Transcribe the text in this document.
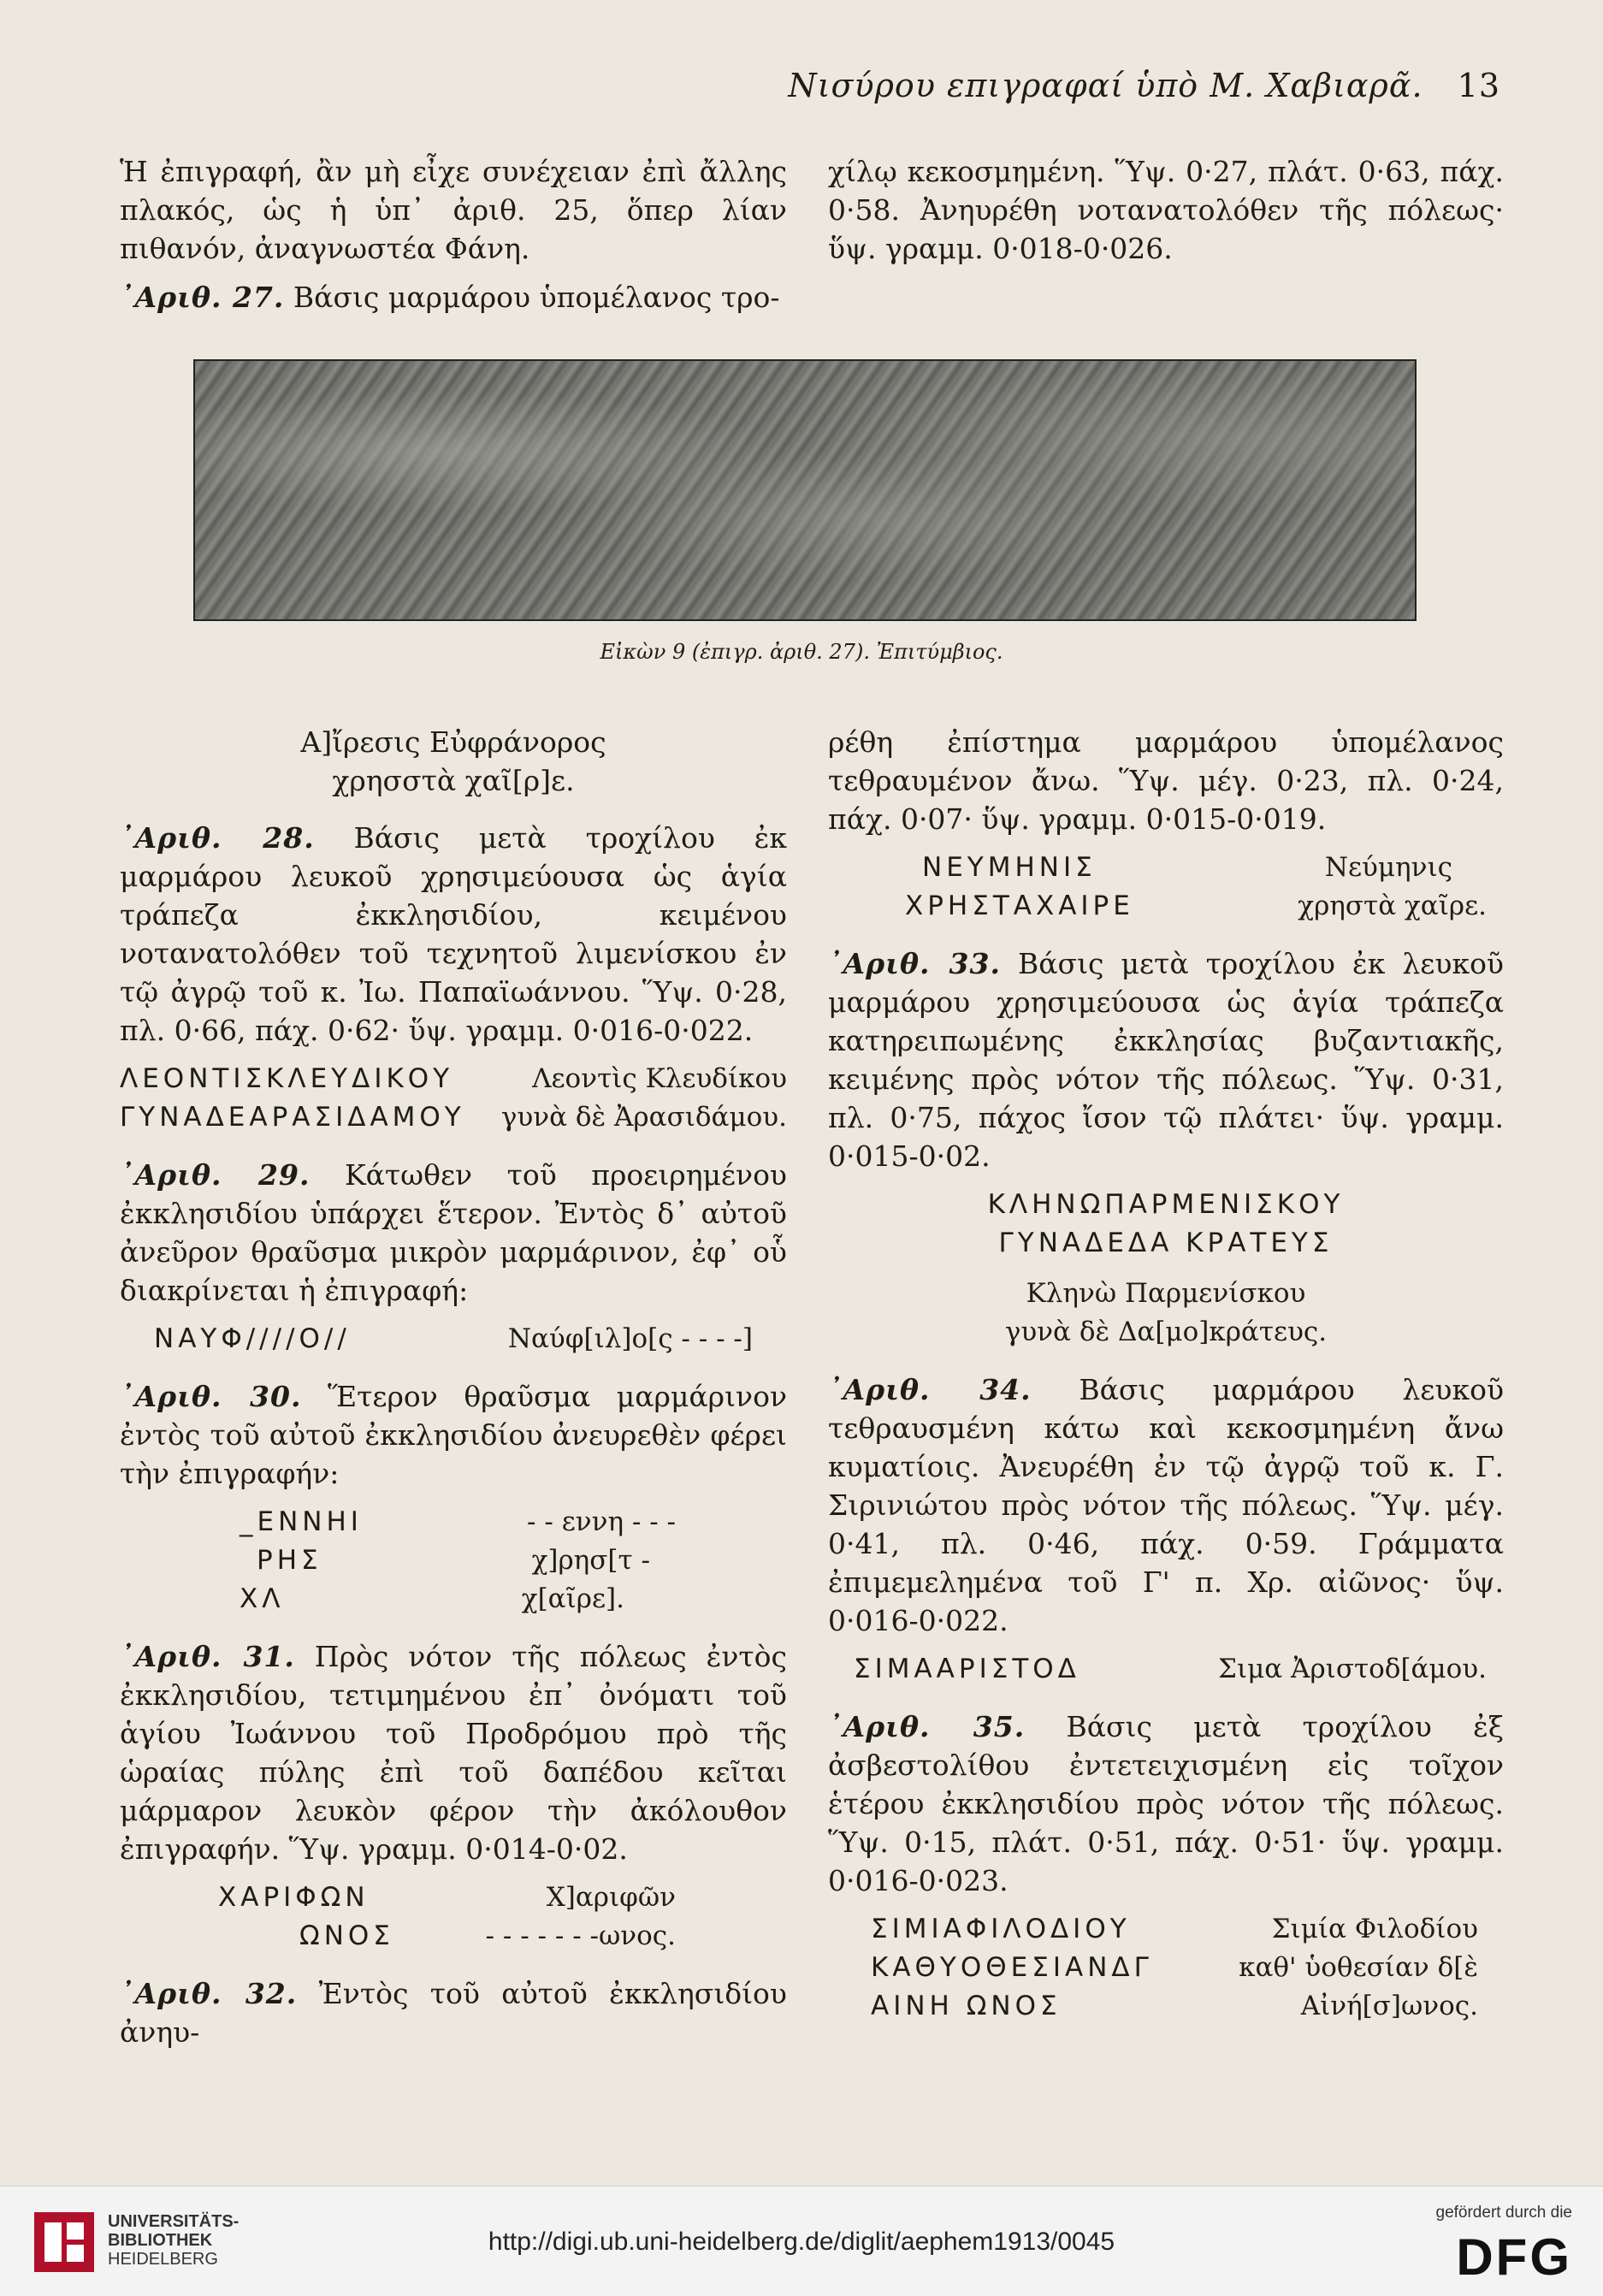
Νισύρου επιγραφαί ὑπὸ Μ. Χαβιαρᾶ. 13

Ἡ ἐπιγραφή, ἂν μὴ εἶχε συνέχειαν ἐπὶ ἄλλης πλακός, ὡς ἡ ὑπ᾽ ἀριθ. 25, ὅπερ λίαν πιθανόν, ἀναγνωστέα Φάνη.

᾿Αριθ. 27. Βάσις μαρμάρου ὑπομέλανος τρο-

χίλῳ κεκοσμημένη. Ὕψ. 0·27, πλάτ. 0·63, πάχ. 0·58. Ἀνηυρέθη νοτανατολόθεν τῆς πόλεως· ὕψ. γραμμ. 0·018-0·026.

Εἰκὼν 9 (ἐπιγρ. ἀριθ. 27). Ἐπιτύμβιος.

Α]ἴρεσις Εὐφράνορος

χρησστὰ χαῖ[ρ]ε.

᾿Αριθ. 28. Βάσις μετὰ τροχίλου ἐκ μαρμάρου λευκοῦ χρησιμεύουσα ὡς ἁγία τράπεζα ἐκκλησιδίου, κειμένου νοτανατολόθεν τοῦ τεχνητοῦ λιμενίσκου ἐν τῷ ἀγρῷ τοῦ κ. Ἰω. Παπαϊωάννου. Ὕψ. 0·28, πλ. 0·66, πάχ. 0·62· ὕψ. γραμμ. 0·016-0·022.

ΛΕΟΝΤΙΣΚΛΕΥΔΙΚΟΥ	Λεοντὶς Κλευδίκου
ΓΥΝΑΔΕΑΡΑΣΙΔΑΜΟΥ γυνὰ δὲ Ἀρασιδάμου.

᾿Αριθ. 29. Κάτωθεν τοῦ προειρημένου ἐκκλησιδίου ὑπάρχει ἕτερον. Ἐντὸς δ᾽ αὐτοῦ ἀνεῦρον θραῦσμα μικρὸν μαρμάρινον, ἐφ᾽ οὗ διακρίνεται ἡ ἐπιγραφή:

ΝΑΥΦ////Ο//	Ναύφ[ιλ]ο[ς - - - -]

᾿Αριθ. 30. Ἕτερον θραῦσμα μαρμάρινον ἐντὸς τοῦ αὐτοῦ ἐκκλησιδίου ἀνευρεθὲν φέρει τὴν ἐπιγραφήν:

_ΕΝΝΗΙ	- - εννη - - -
ΡΗΣ	χ]ρησ[τ -
ΧΛ	χ[αῖρε].

᾿Αριθ. 31. Πρὸς νότον τῆς πόλεως ἐντὸς ἐκκλησιδίου, τετιμημένου ἐπ᾽ ὀνόματι τοῦ ἁγίου Ἰωάννου τοῦ Προδρόμου πρὸ τῆς ὡραίας πύλης ἐπὶ τοῦ δαπέδου κεῖται μάρμαρον λευκὸν φέρον τὴν ἀκόλουθον ἐπιγραφήν. Ὕψ. γραμμ. 0·014-0·02.

ΧΑΡΙΦΩΝ	Χ]αριφῶν
ΩΝΟΣ	- - - - - - -ωνος.

᾿Αριθ. 32. Ἐντὸς τοῦ αὐτοῦ ἐκκλησιδίου ἀνηυ-

ρέθη ἐπίστημα μαρμάρου ὑπομέλανος τεθραυμένον ἄνω. Ὕψ. μέγ. 0·23, πλ. 0·24, πάχ. 0·07· ὕψ. γραμμ. 0·015-0·019.

ΝΕΥΜΗΝΙΣ	Νεύμηνις
ΧΡΗΣΤΑΧΑΙΡΕ	χρηστὰ χαῖρε.

᾿Αριθ. 33. Βάσις μετὰ τροχίλου ἐκ λευκοῦ μαρμάρου χρησιμεύουσα ὡς ἁγία τράπεζα κατηρειπωμένης ἐκκλησίας βυζαντιακῆς, κειμένης πρὸς νότον τῆς πόλεως. Ὕψ. 0·31, πλ. 0·75, πάχος ἴσον τῷ πλάτει· ὕψ. γραμμ. 0·015-0·02.

ΚΛΗΝΩΠΑΡΜΕΝΙΣΚΟΥ

ΓΥΝΑΔΕΔΑ ΚΡΑΤΕΥΣ

Κληνὼ Παρμενίσκου

γυνὰ δὲ Δα[μο]κράτευς.

᾿Αριθ. 34. Βάσις μαρμάρου λευκοῦ τεθραυσμένη κάτω καὶ κεκοσμημένη ἄνω κυματίοις. Ἀνευρέθη ἐν τῷ ἀγρῷ τοῦ κ. Γ. Σιρινιώτου πρὸς νότον τῆς πόλεως. Ὕψ. μέγ. 0·41, πλ. 0·46, πάχ. 0·59. Γράμματα ἐπιμεμελημένα τοῦ Γ' π. Χρ. αἰῶνος· ὕψ. 0·016-0·022.

ΣΙΜΑΑΡΙΣΤΟΔ	Σιμα Ἀριστοδ[άμου.

᾿Αριθ. 35. Βάσις μετὰ τροχίλου ἐξ ἀσβεστολίθου ἐντετειχισμένη εἰς τοῖχον ἑτέρου ἐκκλησιδίου πρὸς νότον τῆς πόλεως. Ὕψ. 0·15, πλάτ. 0·51, πάχ. 0·51· ὕψ. γραμμ. 0·016-0·023.

ΣΙΜΙΑΦΙΛΟΔΙΟΥ	Σιμία Φιλοδίου
ΚΑΘΥΟΘΕΣΙΑΝΔΓ	καθ' ὑοθεσίαν δ[ὲ
ΑΙΝΗ ΩΝΟΣ	Αἰνή[σ]ωνος.
UNIVERSITÄTS-
BIBLIOTHEK
HEIDELBERG
http://digi.ub.uni-heidelberg.de/diglit/aephem1913/0045
gefördert durch die
DFG
